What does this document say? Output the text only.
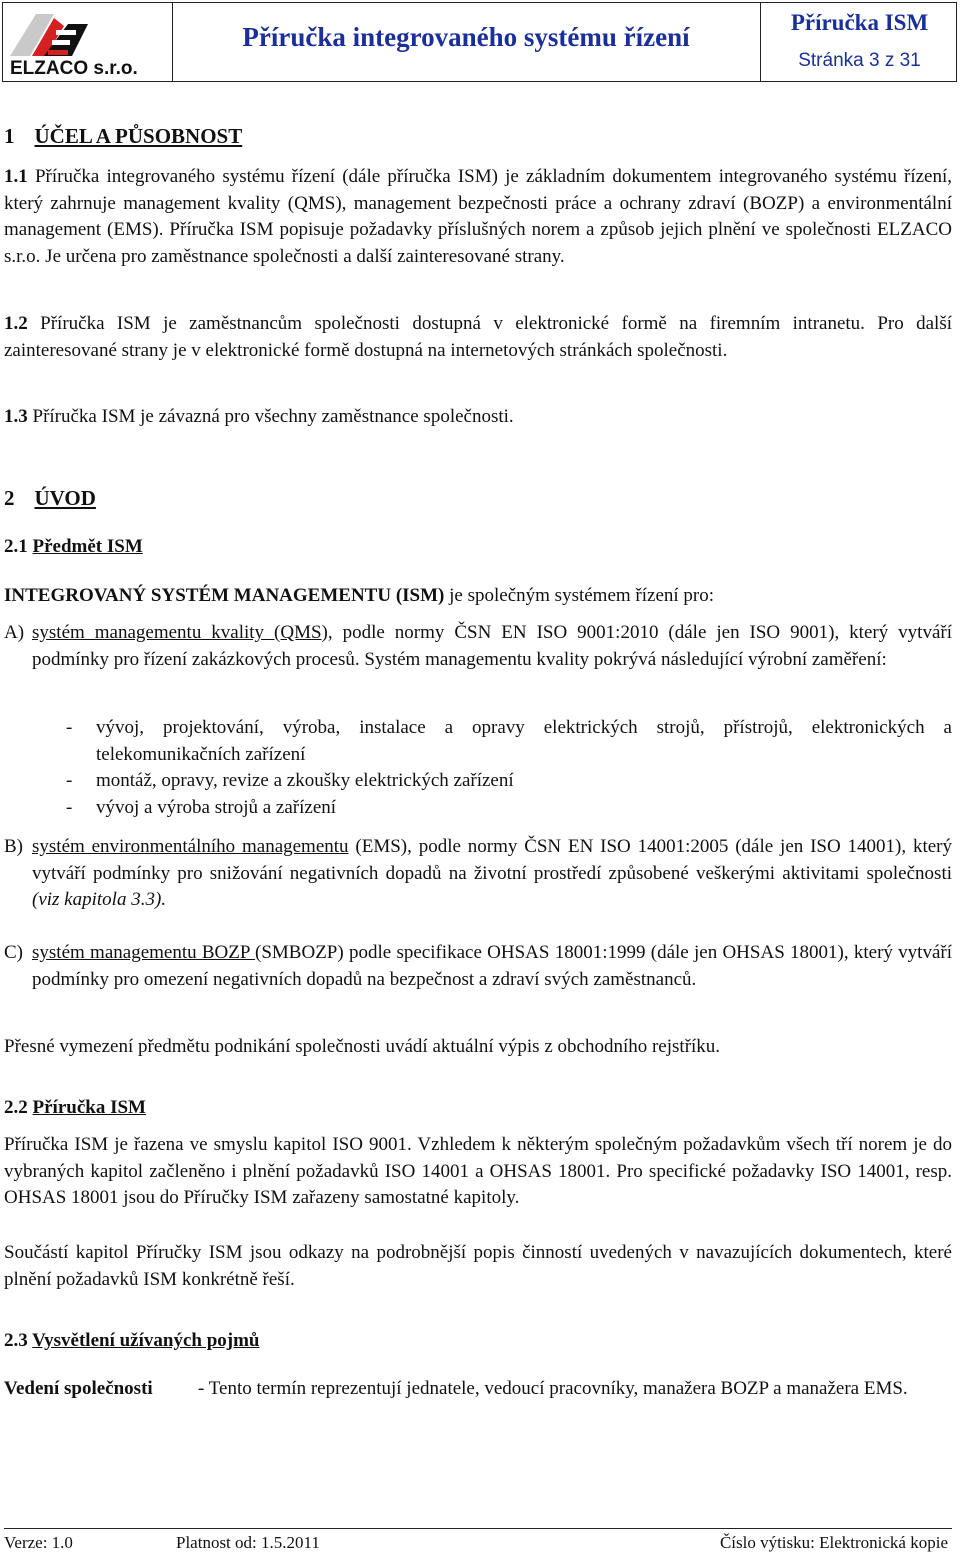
ELZACO s.r.o.
Příručka integrovaného systému řízení	Příručka ISM
Stránka 3 z 31
1 ÚČEL A PŮSOBNOST

1.1 Příručka integrovaného systému řízení (dále příručka ISM) je základním dokumentem integrovaného systému řízení, který zahrnuje management kvality (QMS), management bezpečnosti práce a ochrany zdraví (BOZP) a environmentální management (EMS). Příručka ISM popisuje požadavky příslušných norem a způsob jejich plnění ve společnosti ELZACO s.r.o. Je určena pro zaměstnance společnosti a další zainteresované strany.

1.2 Příručka ISM je zaměstnancům společnosti dostupná v elektronické formě na firemním intranetu. Pro další zainteresované strany je v elektronické formě dostupná na internetových stránkách společnosti.

1.3 Příručka ISM je závazná pro všechny zaměstnance společnosti.

2 ÚVOD
2.1 Předmět ISM

INTEGROVANÝ SYSTÉM MANAGEMENTU (ISM) je společným systémem řízení pro:

A) systém managementu kvality (QMS), podle normy ČSN EN ISO 9001:2010 (dále jen ISO 9001), který vytváří podmínky pro řízení zakázkových procesů. Systém managementu kvality pokrývá následující výrobní zaměření:
- vývoj, projektování, výroba, instalace a opravy elektrických strojů, přístrojů, elektronických a telekomunikačních zařízení
- montáž, opravy, revize a zkoušky elektrických zařízení
- vývoj a výroba strojů a zařízení
B) systém environmentálního managementu (EMS), podle normy ČSN EN ISO 14001:2005 (dále jen ISO 14001), který vytváří podmínky pro snižování negativních dopadů na životní prostředí způsobené veškerými aktivitami společnosti (viz kapitola 3.3).
C) systém managementu BOZP (SMBOZP) podle specifikace OHSAS 18001:1999 (dále jen OHSAS 18001), který vytváří podmínky pro omezení negativních dopadů na bezpečnost a zdraví svých zaměstnanců.

Přesné vymezení předmětu podnikání společnosti uvádí aktuální výpis z obchodního rejstříku.

2.2 Příručka ISM

Příručka ISM je řazena ve smyslu kapitol ISO 9001. Vzhledem k některým společným požadavkům všech tří norem je do vybraných kapitol začleněno i plnění požadavků ISO 14001 a OHSAS 18001. Pro specifické požadavky ISO 14001, resp. OHSAS 18001 jsou do Příručky ISM zařazeny samostatné kapitoly.

Součástí kapitol Příručky ISM jsou odkazy na podrobnější popis činností uvedených v navazujících dokumentech, které plnění požadavků ISM konkrétně řeší.

2.3 Vysvětlení užívaných pojmů
Vedení společnosti - Tento termín reprezentují jednatele, vedoucí pracovníky, manažera BOZP a manažera EMS.
Verze: 1.0	Platnost od: 1.5.2011	Číslo výtisku: Elektronická kopie
